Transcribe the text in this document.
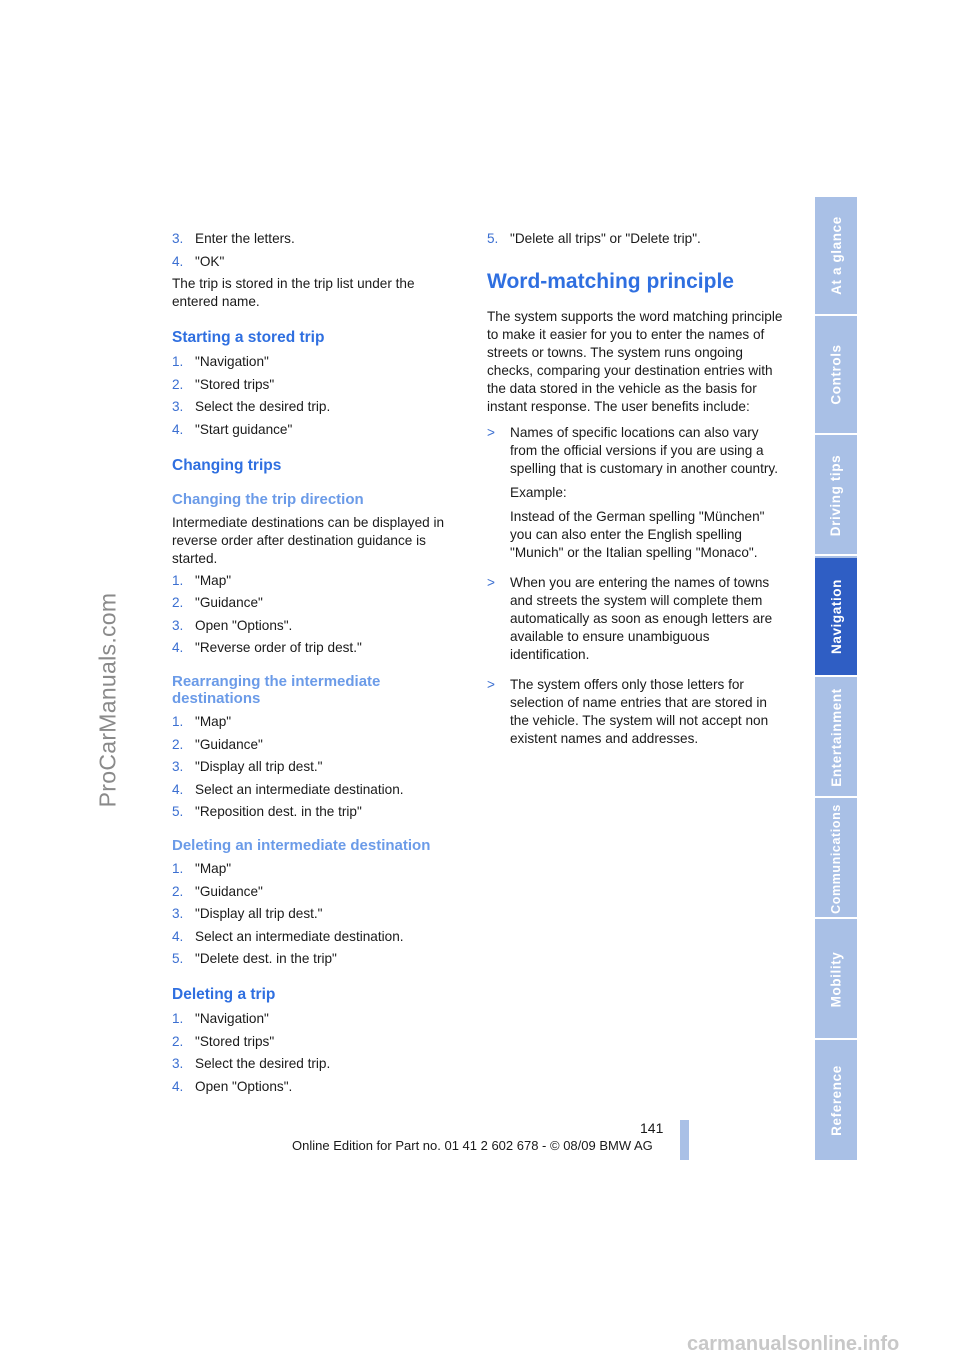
ProCarManuals.com
3. Enter the letters.
4. "OK"

The trip is stored in the trip list under the entered name.

Starting a stored trip
1. "Navigation"
2. "Stored trips"
3. Select the desired trip.
4. "Start guidance"
Changing trips
Changing the trip direction

Intermediate destinations can be displayed in reverse order after destination guidance is started.

1. "Map"
2. "Guidance"
3. Open "Options".
4. "Reverse order of trip dest."
Rearranging the intermediate destinations
1. "Map"
2. "Guidance"
3. "Display all trip dest."
4. Select an intermediate destination.
5. "Reposition dest. in the trip"
Deleting an intermediate destination
1. "Map"
2. "Guidance"
3. "Display all trip dest."
4. Select an intermediate destination.
5. "Delete dest. in the trip"
Deleting a trip
1. "Navigation"
2. "Stored trips"
3. Select the desired trip.
4. Open "Options".
5. "Delete all trips" or "Delete trip".
Word-matching principle

The system supports the word matching principle to make it easier for you to enter the names of streets or towns. The system runs ongoing checks, comparing your destination entries with the data stored in the vehicle as the basis for instant response. The user benefits include:

>	Names of specific locations can also vary from the official versions if you are using a spelling that is customary in another country.

Example:

Instead of the German spelling "München" you can also enter the English spelling "Munich" or the Italian spelling "Monaco".

>	When you are entering the names of towns and streets the system will complete them automatically as soon as enough letters are available to ensure unambiguous identification.

>	The system offers only those letters for selection of name entries that are stored in the vehicle. The system will not accept non existent names and addresses.

At a glance
Controls
Driving tips
Navigation
Entertainment
Communications
Mobility
Reference
141
Online Edition for Part no. 01 41 2 602 678 - © 08/09 BMW AG
carmanualsonline.info
